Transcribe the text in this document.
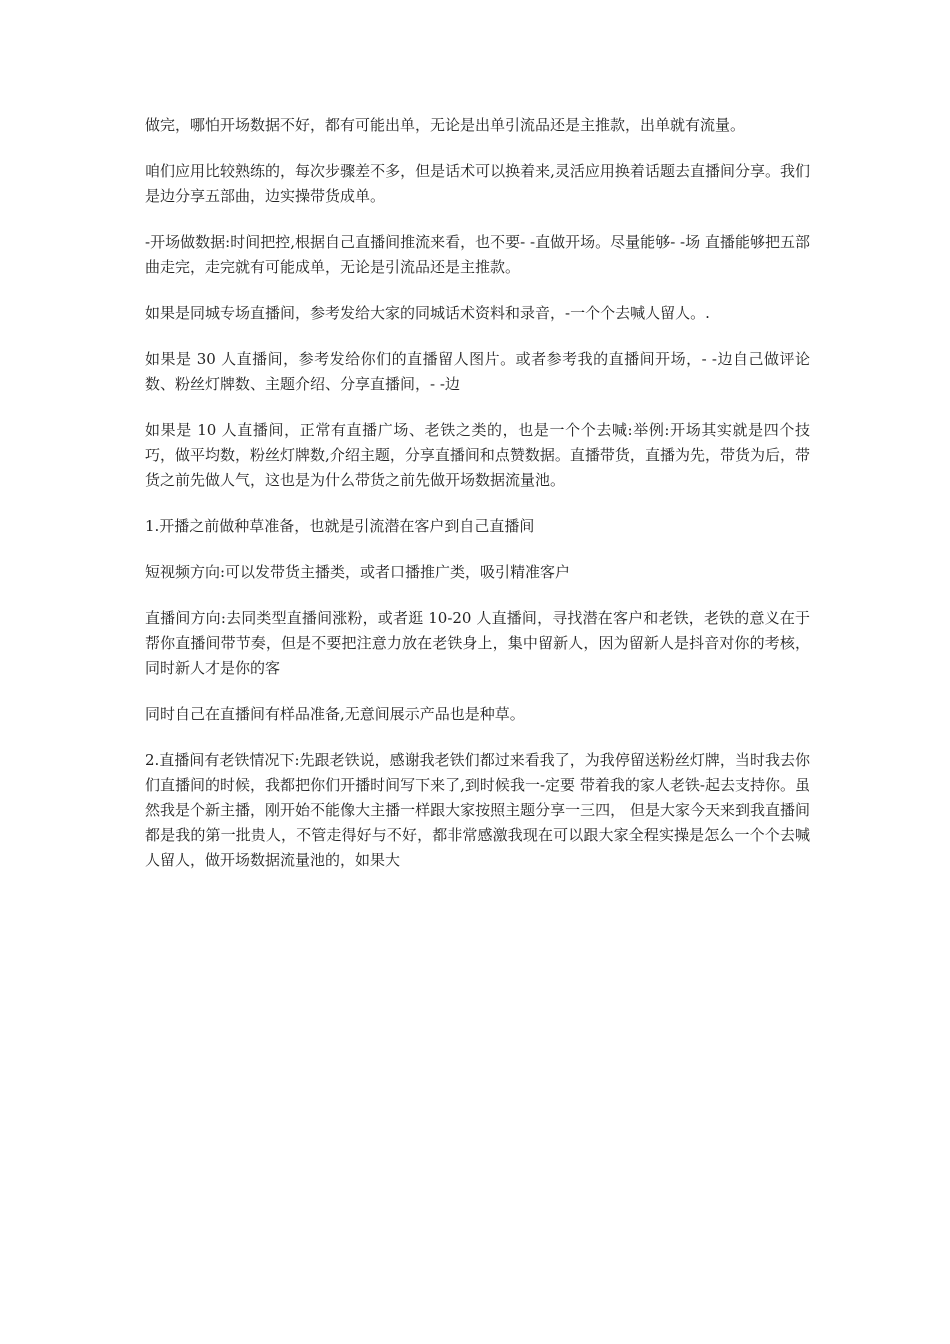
做完，哪怕开场数据不好，都有可能出单，无论是出单引流品还是主推款，出单就有流量。

咱们应用比较熟练的，每次步骤差不多，但是话术可以换着来,灵活应用换着话题去直播间分享。我们是边分享五部曲，边实操带货成单。

-开场做数据:时间把控,根据自己直播间推流来看，也不要- -直做开场。尽量能够- -场 直播能够把五部曲走完，走完就有可能成单，无论是引流品还是主推款。

如果是同城专场直播间，参考发给大家的同城话术资料和录音，-一个个去喊人留人。.

如果是 30 人直播间，参考发给你们的直播留人图片。或者参考我的直播间开场，- -边自己做评论数、粉丝灯牌数、主题介绍、分享直播间，- -边

如果是 10 人直播间，正常有直播广场、老铁之类的，也是一个个去喊:举例:开场其实就是四个技巧，做平均数，粉丝灯牌数,介绍主题，分享直播间和点赞数据。直播带货，直播为先，带货为后，带货之前先做人气，这也是为什么带货之前先做开场数据流量池。

1.开播之前做种草准备，也就是引流潜在客户到自己直播间

短视频方向:可以发带货主播类，或者口播推广类，吸引精准客户

直播间方向:去同类型直播间涨粉，或者逛 10-20 人直播间，寻找潜在客户和老铁，老铁的意义在于帮你直播间带节奏，但是不要把注意力放在老铁身上，集中留新人，因为留新人是抖音对你的考核，同时新人才是你的客

同时自己在直播间有样品准备,无意间展示产品也是种草。

2.直播间有老铁情况下:先跟老铁说，感谢我老铁们都过来看我了，为我停留送粉丝灯牌，当时我去你们直播间的时候，我都把你们开播时间写下来了,到时候我一-定要 带着我的家人老铁-起去支持你。虽然我是个新主播，刚开始不能像大主播一样跟大家按照主题分享一三四， 但是大家今天来到我直播间都是我的第一批贵人，不管走得好与不好，都非常感激我现在可以跟大家全程实操是怎么一个个去喊人留人，做开场数据流量池的，如果大
